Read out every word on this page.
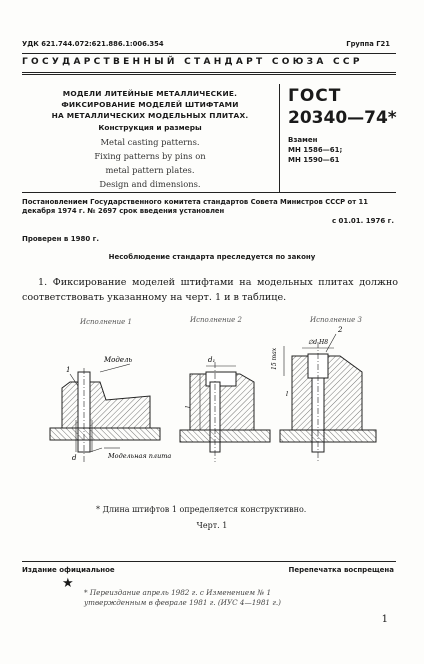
УДК 621.744.072:621.886.1:006.354	Группа Г21
ГОСУДАРСТВЕННЫЙ СТАНДАРТ СОЮЗА ССР
МОДЕЛИ ЛИТЕЙНЫЕ МЕТАЛЛИЧЕСКИЕ.
ФИКСИРОВАНИЕ МОДЕЛЕЙ ШТИФТАМИ
НА МЕТАЛЛИЧЕСКИХ МОДЕЛЬНЫХ ПЛИТАХ.
Конструкция и размеры
Metal casting patterns.
Fixing patterns by pins on
metal pattern plates.
Design and dimensions.
ГОСТ
20340—74*
Взамен
МН 1586—61;
МН 1590—61
Постановлением Государственного комитета стандартов Совета Министров СССР от 11 декабря 1974 г. № 2697 срок введения установлен
с 01.01. 1976 г.
Проверен в 1980 г.
Несоблюдение стандарта преследуется по закону
1. Фиксирование моделей штифтами на модельных плитах должно соответствовать указанному на черт. 1 и в таблице.
Исполнение 1	Исполнение 2	Исполнение 3
Модель
1
d	Модельная плита
d₁
l
15 max
∅d H8
2
l
* Длина штифтов 1 определяется конструктивно.
Черт. 1
Издание официальное	Перепечатка воспрещена
★
* Переиздание апрель 1982 г. с Изменением № 1
утвержденным в феврале 1981 г. (ИУС 4—1981 г.)
1
